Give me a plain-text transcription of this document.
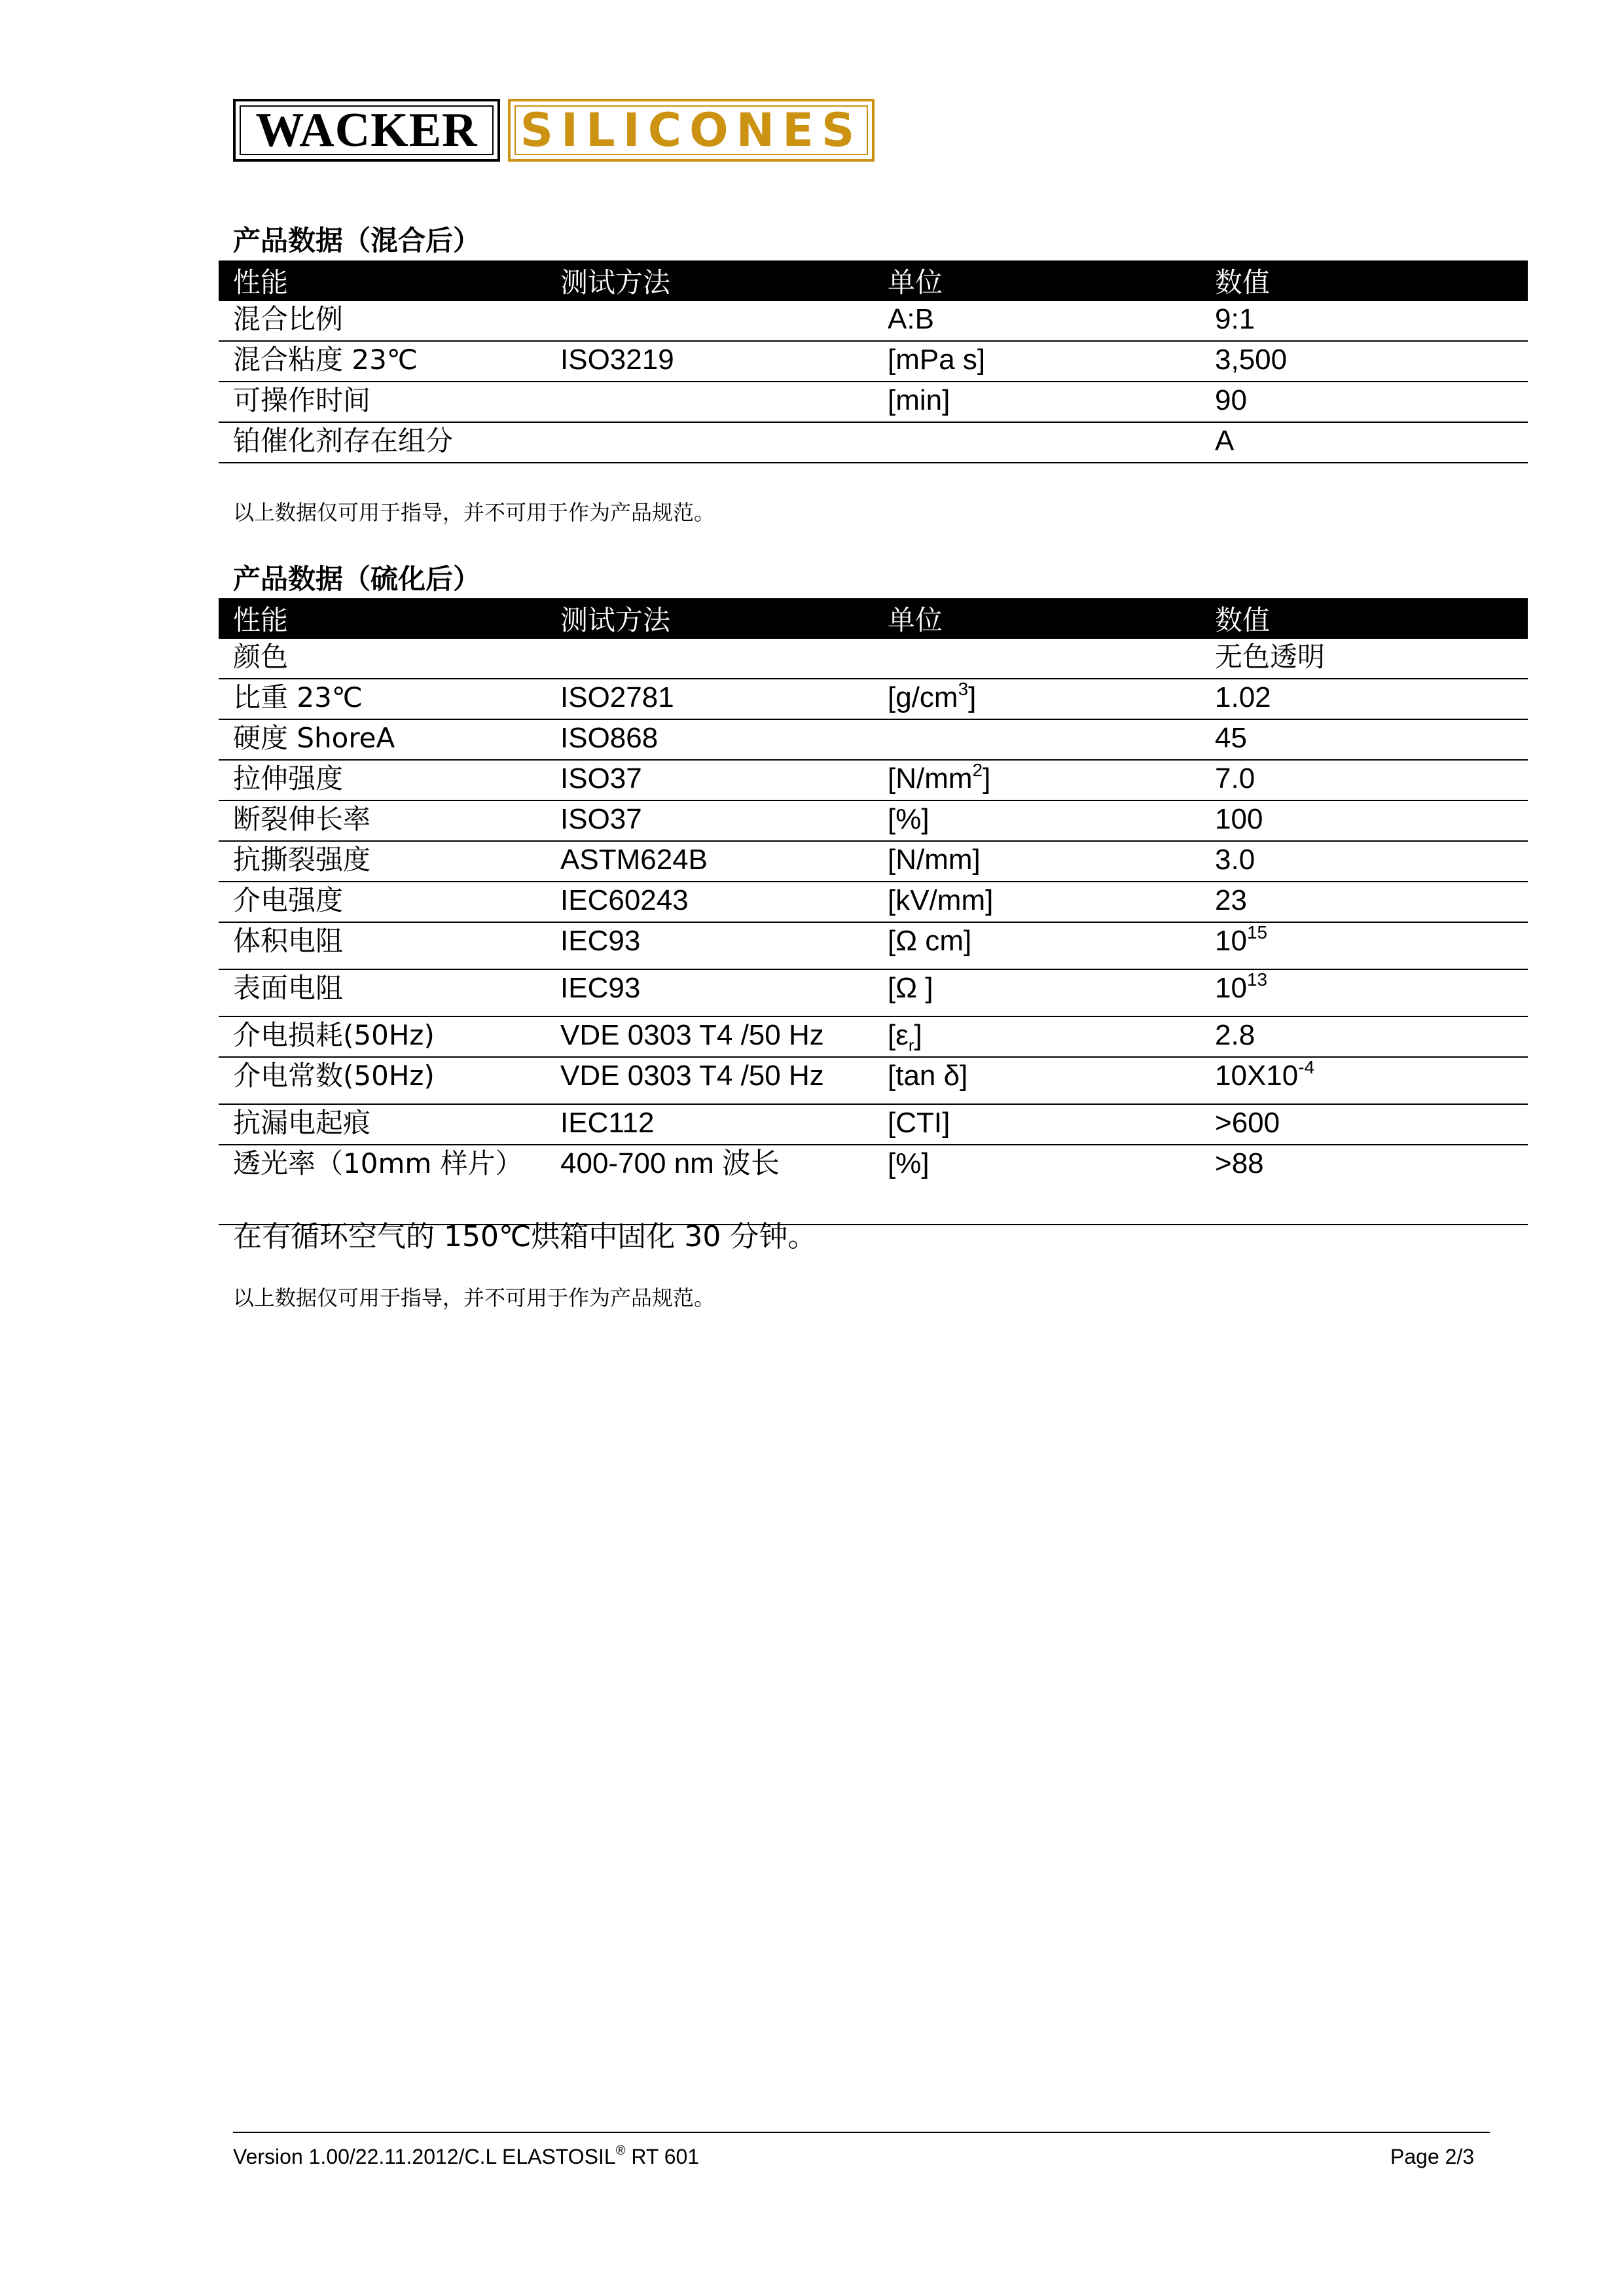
WACKER SILICONES
产品数据（混合后）
性能	测试方法	单位	数值
混合比例		A:B	9:1
混合粘度 23℃	ISO3219	[mPa s]	3,500
可操作时间		[min]	90
铂催化剂存在组分			A
以上数据仅可用于指导，并不可用于作为产品规范。
产品数据（硫化后）
性能	测试方法	单位	数值
颜色			无色透明
比重 23℃	ISO2781	$[g/cm^3]$	1.02
硬度 ShoreA	ISO868		45
拉伸强度	ISO37	$[N/mm^2]$	7.0
断裂伸长率	ISO37	[%]	100
抗撕裂强度	ASTM624B	[N/mm]	3.0
介电强度	IEC60243	[kV/mm]	23
体积电阻	IEC93	[Ω cm]	$10^{15}$
表面电阻	IEC93	[Ω ]	$10^{13}$
介电损耗(50Hz)	VDE 0303 T4 /50 Hz	$[\varepsilon_r]$	2.8
介电常数(50Hz)	VDE 0303 T4 /50 Hz	[tan δ]	$10X10^{-4}$
抗漏电起痕	IEC112	[CTI]	>600
透光率（10mm 样片）	400-700 nm 波长	[%]	>88
在有循环空气的 150℃烘箱中固化 30 分钟。
以上数据仅可用于指导，并不可用于作为产品规范。
Version 1.00/22.11.2012/C.L ELASTOSIL® RT 601	Page 2/3
